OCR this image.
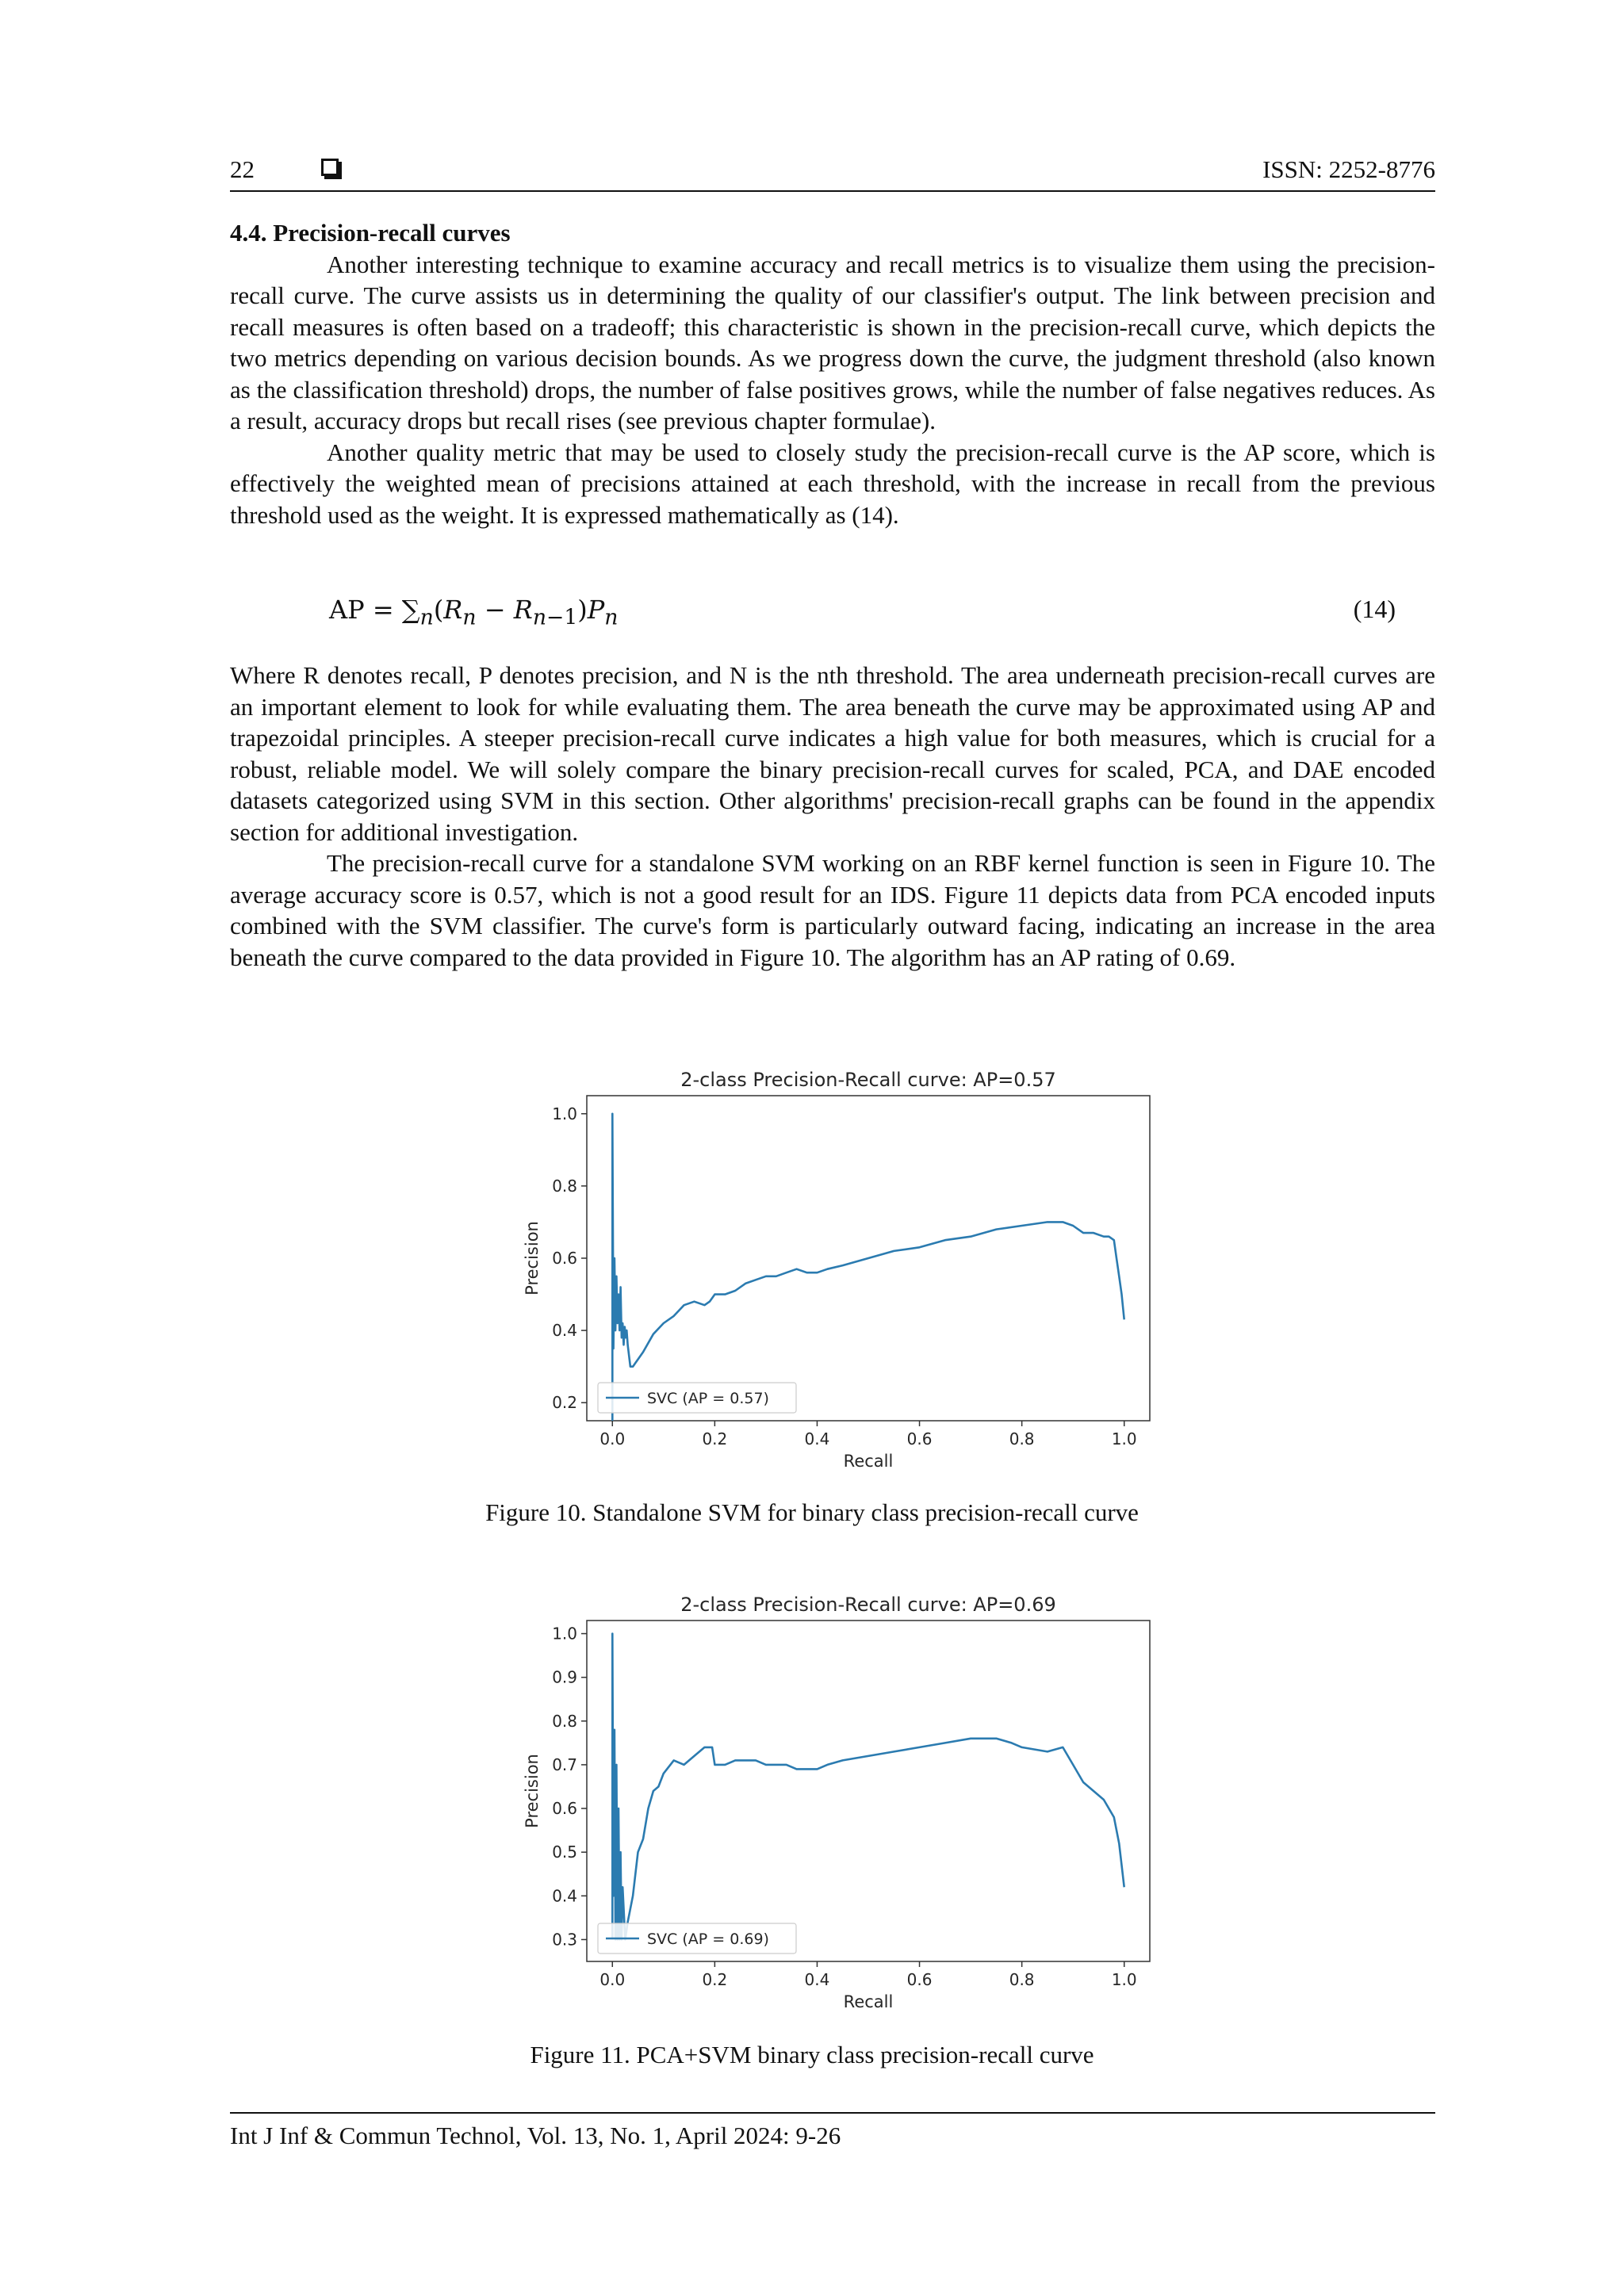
22	ISSN: 2252-8776
4.4. Precision-recall curves

Another interesting technique to examine accuracy and recall metrics is to visualize them using the precision-recall curve. The curve assists us in determining the quality of our classifier's output. The link between precision and recall measures is often based on a tradeoff; this characteristic is shown in the precision-recall curve, which depicts the two metrics depending on various decision bounds. As we progress down the curve, the judgment threshold (also known as the classification threshold) drops, the number of false positives grows, while the number of false negatives reduces. As a result, accuracy drops but recall rises (see previous chapter formulae).

Another quality metric that may be used to closely study the precision-recall curve is the AP score, which is effectively the weighted mean of precisions attained at each threshold, with the increase in recall from the previous threshold used as the weight. It is expressed mathematically as (14).

AP = $\sum_n(R_n - R_{n-1})P_n$	(14)

Where R denotes recall, P denotes precision, and N is the nth threshold. The area underneath precision-recall curves are an important element to look for while evaluating them. The area beneath the curve may be approximated using AP and trapezoidal principles. A steeper precision-recall curve indicates a high value for both measures, which is crucial for a robust, reliable model. We will solely compare the binary precision-recall curves for scaled, PCA, and DAE encoded datasets categorized using SVM in this section. Other algorithms' precision-recall graphs can be found in the appendix section for additional investigation.

The precision-recall curve for a standalone SVM working on an RBF kernel function is seen in Figure 10. The average accuracy score is 0.57, which is not a good result for an IDS. Figure 11 depicts data from PCA encoded inputs combined with the SVM classifier. The curve's form is particularly outward facing, indicating an increase in the area beneath the curve compared to the data provided in Figure 10. The algorithm has an AP rating of 0.69.

2-class Precision-Recall curve: AP=0.57
0.0	0.2	0.4	0.6	0.8	1.0
0.2
0.4
0.6
0.8
1.0
Recall
Precision
SVC (AP = 0.57)
Figure 10. Standalone SVM for binary class precision-recall curve
2-class Precision-Recall curve: AP=0.69
0.0	0.2	0.4	0.6	0.8	1.0
0.3
0.4
0.5
0.6
0.7
0.8
0.9
1.0
Recall
Precision
SVC (AP = 0.69)
Figure 11. PCA+SVM binary class precision-recall curve
Int J Inf & Commun Technol, Vol. 13, No. 1, April 2024: 9-26
